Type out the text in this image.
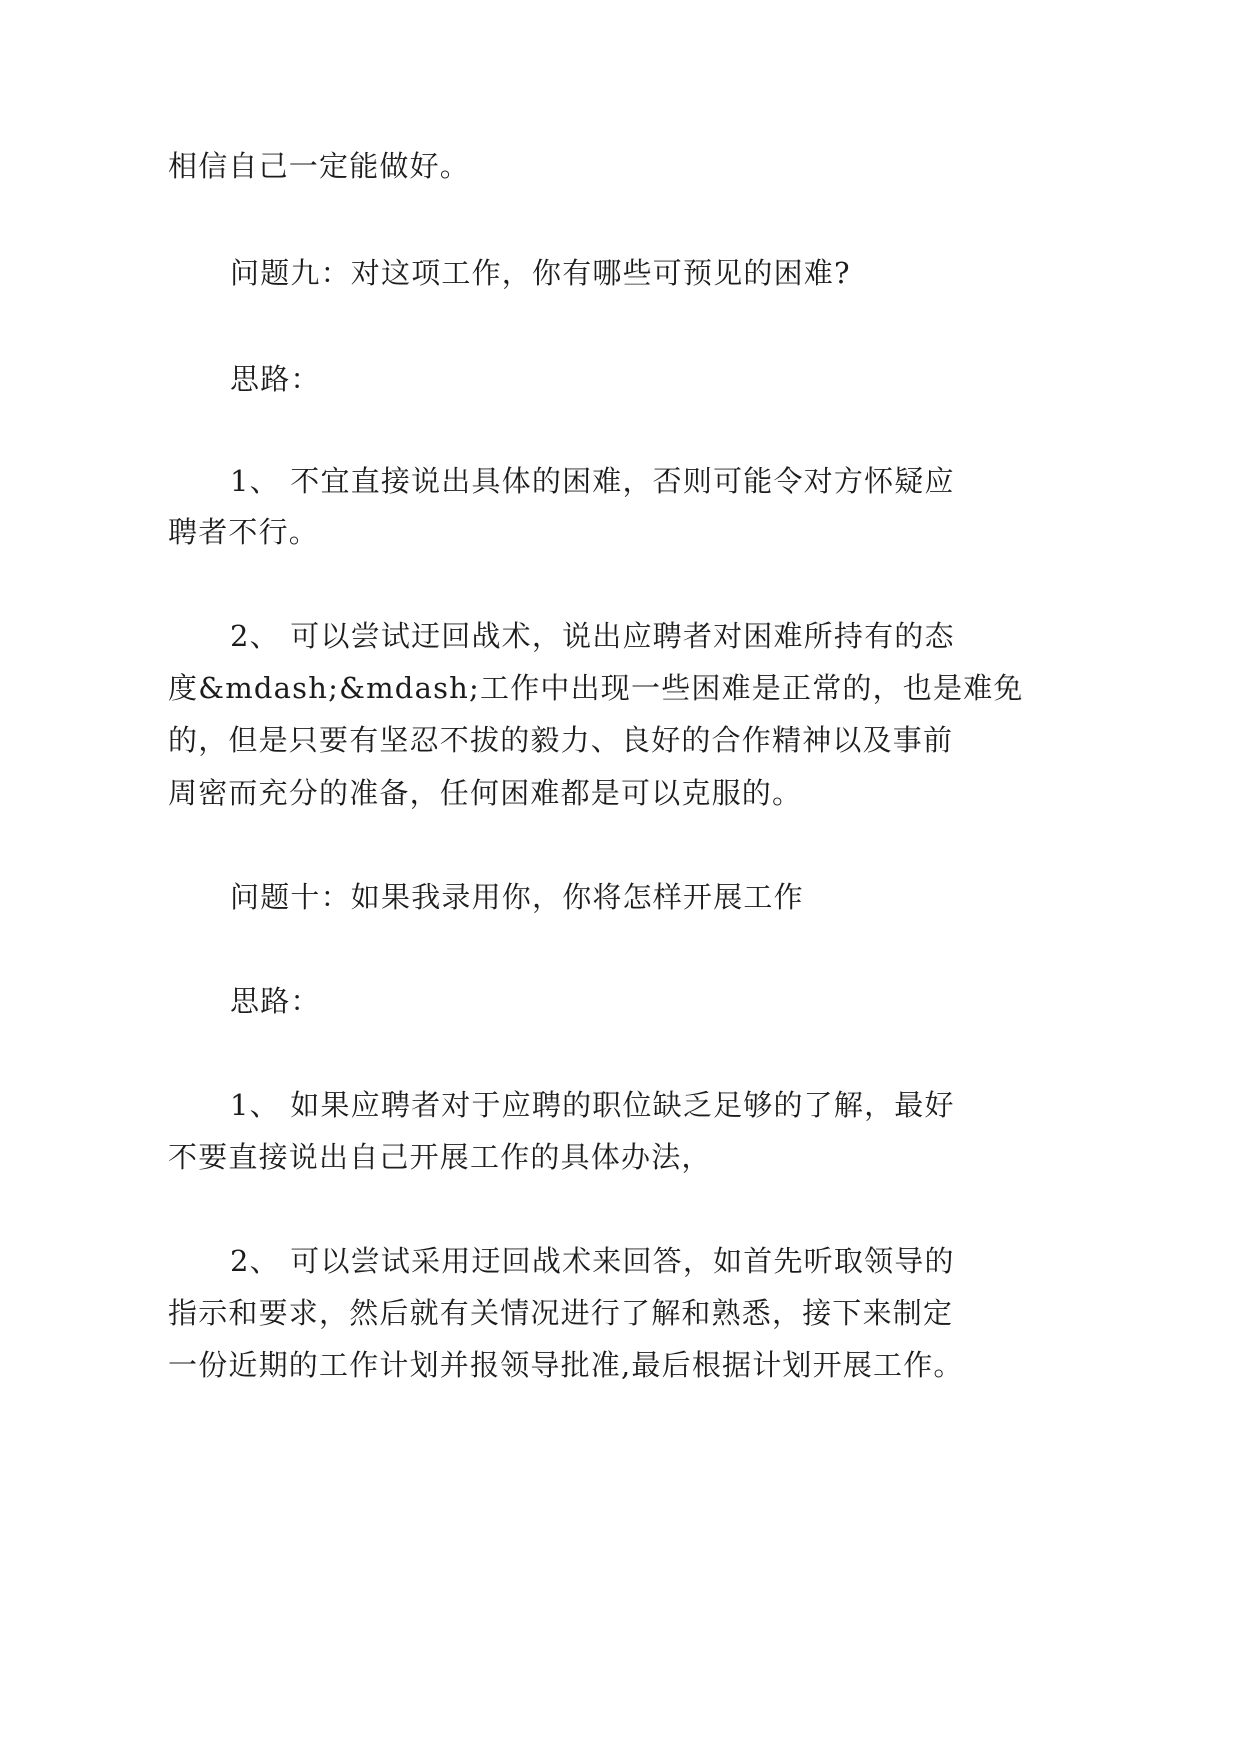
相信自己一定能做好。

问题九：对这项工作，你有哪些可预见的困难?

思路：

1、 不宜直接说出具体的困难，否则可能令对方怀疑应

聘者不行。

2、 可以尝试迂回战术，说出应聘者对困难所持有的态

度&mdash;&mdash;工作中出现一些困难是正常的，也是难免

的，但是只要有坚忍不拔的毅力、良好的合作精神以及事前

周密而充分的准备，任何困难都是可以克服的。

问题十：如果我录用你，你将怎样开展工作

思路：

1、 如果应聘者对于应聘的职位缺乏足够的了解，最好

不要直接说出自己开展工作的具体办法，

2、 可以尝试采用迂回战术来回答，如首先听取领导的

指示和要求，然后就有关情况进行了解和熟悉，接下来制定

一份近期的工作计划并报领导批准,最后根据计划开展工作。
